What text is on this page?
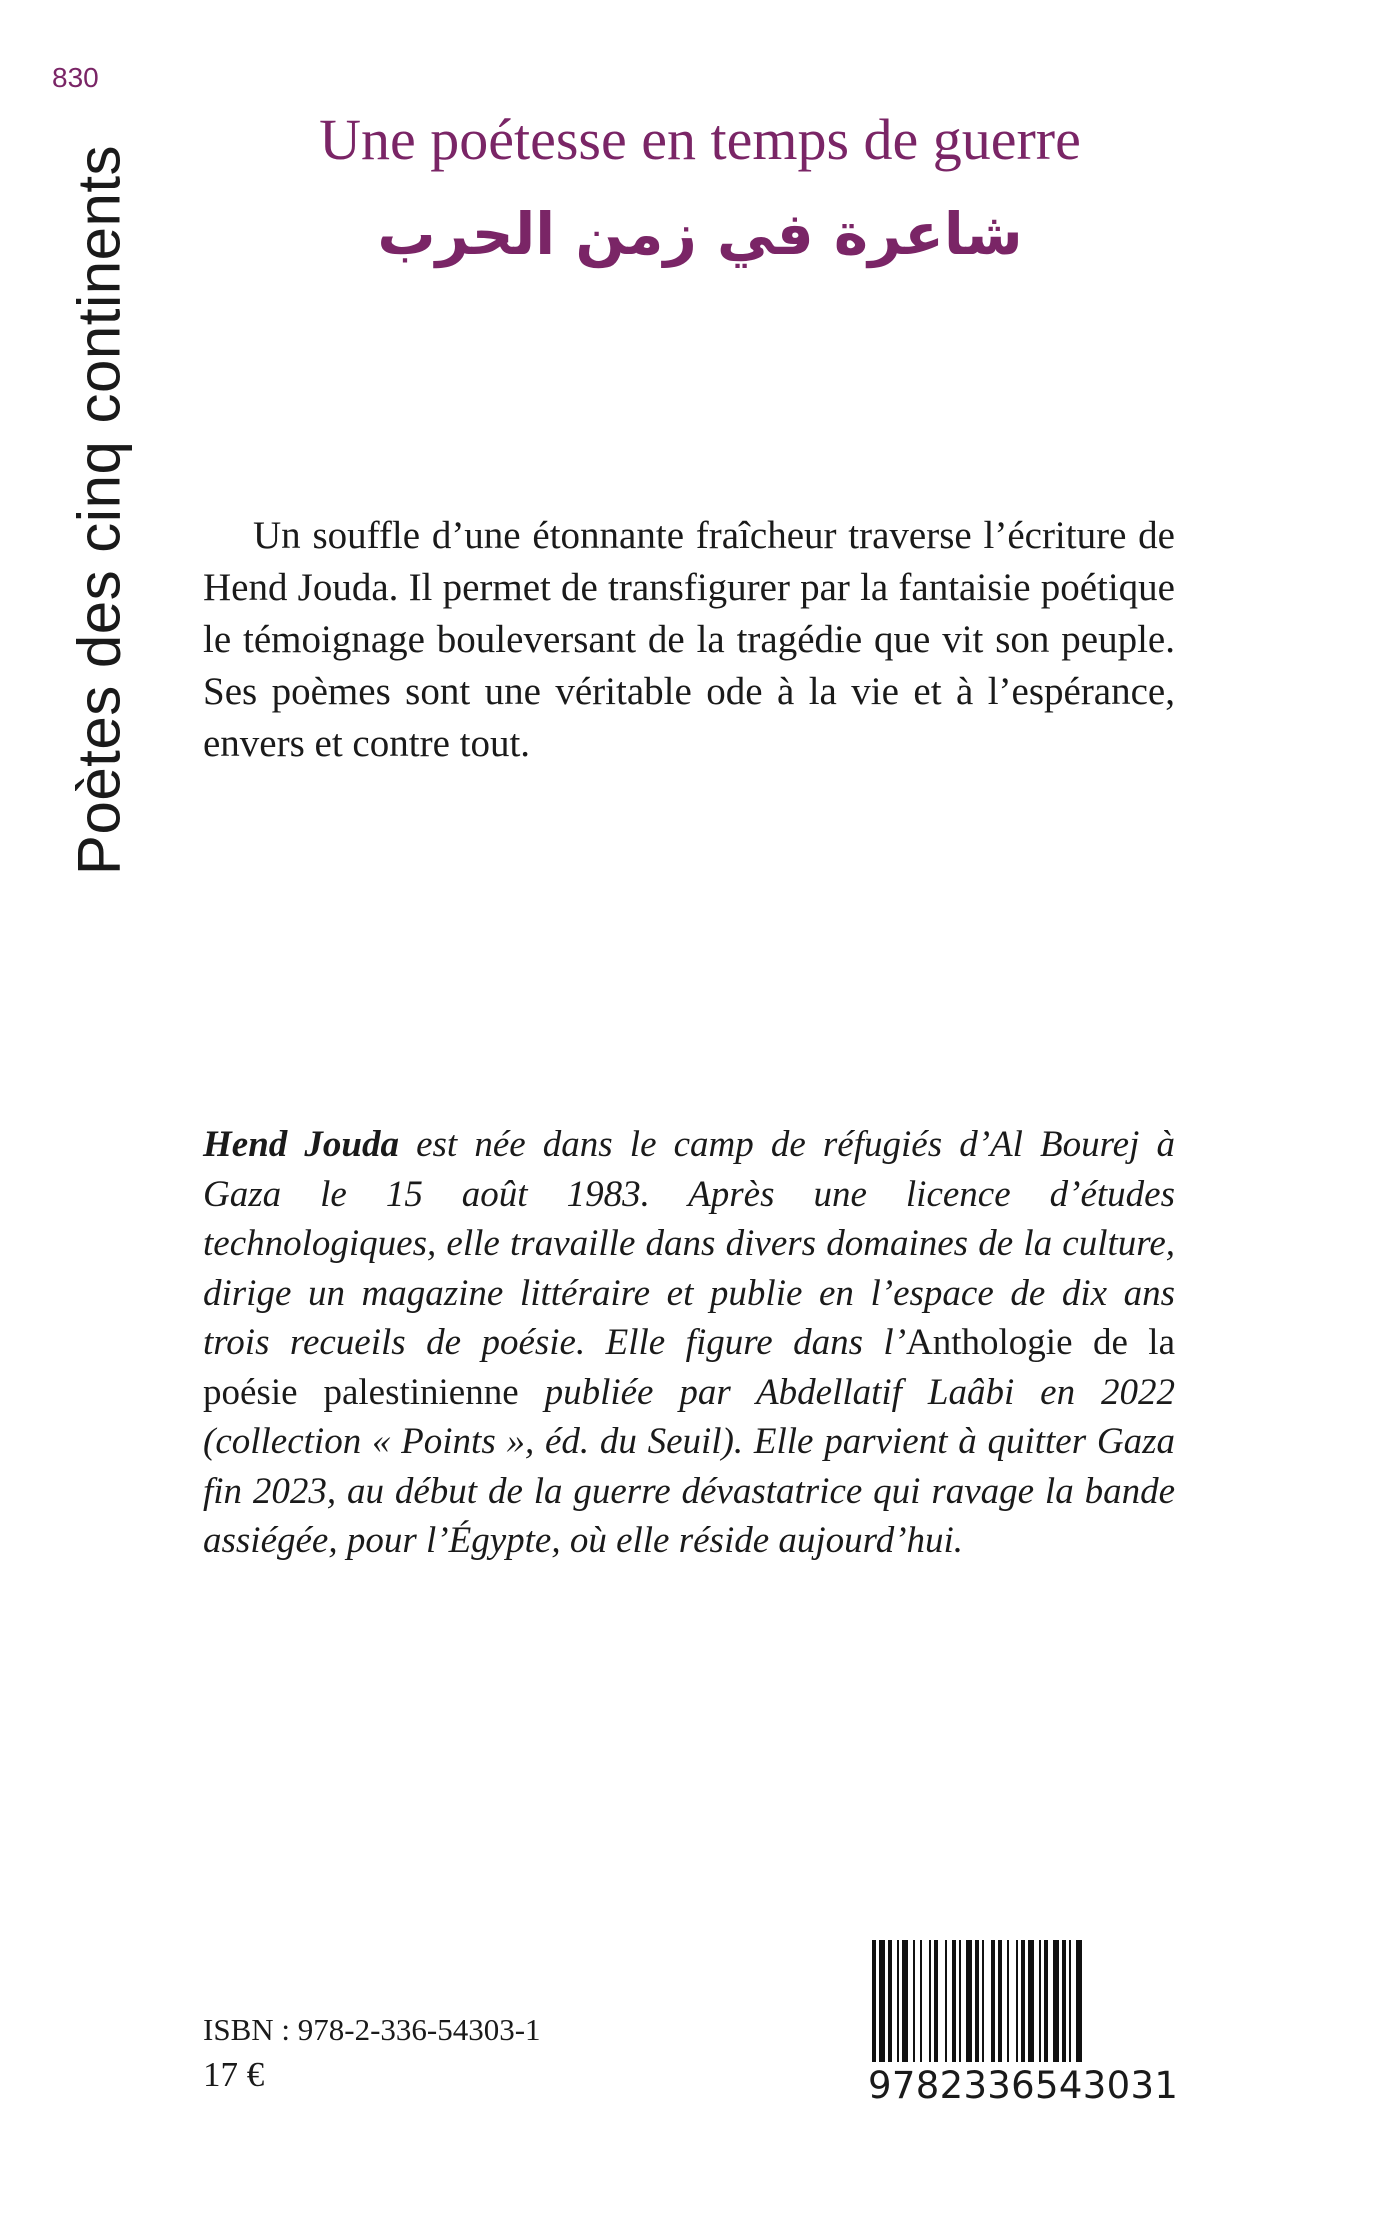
830
Poètes des cinq continents
Une poétesse en temps de guerre
شاعرة في زمن الحرب

Un souffle d’une étonnante fraîcheur traverse l’écriture de Hend Jouda. Il permet de transfigurer par la fantaisie poétique le témoignage bouleversant de la tragédie que vit son peuple. Ses poèmes sont une véritable ode à la vie et à l’espérance, envers et contre tout.

Hend Jouda est née dans le camp de réfugiés d’Al Bourej à Gaza le 15 août 1983. Après une licence d’études technologiques, elle travaille dans divers domaines de la culture, dirige un magazine littéraire et publie en l’espace de dix ans trois recueils de poésie. Elle figure dans l’Anthologie de la poésie palestinienne publiée par Abdellatif Laâbi en 2022 (collection « Points », éd. du Seuil). Elle parvient à quitter Gaza fin 2023, au début de la guerre dévastatrice qui ravage la bande assiégée, pour l’Égypte, où elle réside aujourd’hui.

ISBN : 978-2-336-54303-1
17 €	9 7 8 2 3 3 6 5 4 3 0 3 1
